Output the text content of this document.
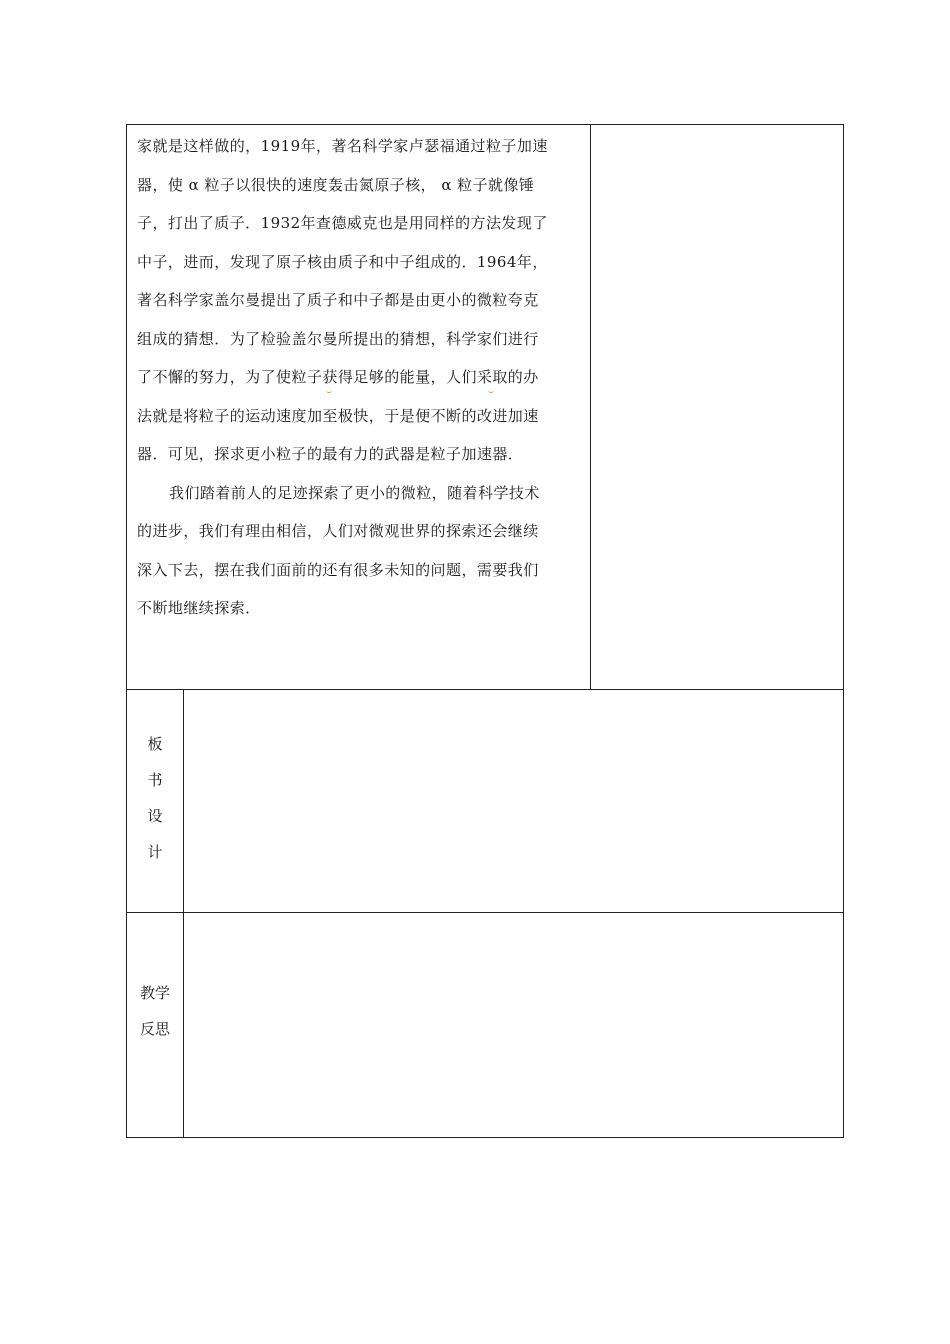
家就是这样做的，1919年，著名科学家卢瑟福通过粒子加速
器，使 α 粒子以很快的速度轰击氮原子核， α 粒子就像锤
子，打出了质子．1932年查德威克也是用同样的方法发现了
中子，进而，发现了原子核由质子和中子组成的．1964年，
著名科学家盖尔曼提出了质子和中子都是由更小的微粒夸克
组成的猜想．为了检验盖尔曼所提出的猜想，科学家们进行
了不懈的努力，为了使粒子获得足够的能量，人们采取的办
法就是将粒子的运动速度加至极快，于是便不断的改进加速
器．可见，探求更小粒子的最有力的武器是粒子加速器．
我们踏着前人的足迹探索了更小的微粒，随着科学技术
的进步，我们有理由相信，人们对微观世界的探索还会继续
深入下去，摆在我们面前的还有很多未知的问题，需要我们
不断地继续探索．
板
书
设
计
教学
反思
